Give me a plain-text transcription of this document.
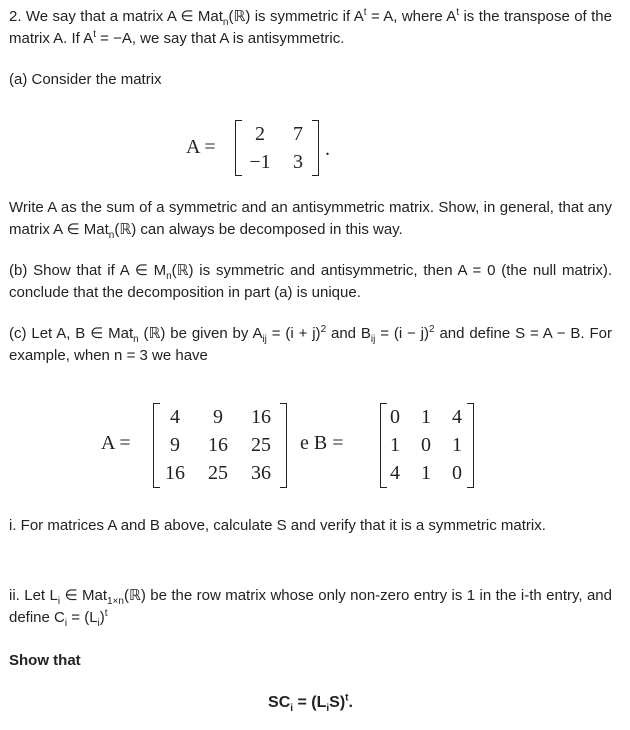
2. We say that a matrix A ∈ Mat$_n$(ℝ) is symmetric if $A^t = A$, where $A^t$ is the transpose of the matrix A. If $A^t = -A$, we say that A is antisymmetric.

(a) Consider the matrix

A =
2	7
−1	3
.

Write A as the sum of a symmetric and an antisymmetric matrix. Show, in general, that any matrix A ∈ Mat$_n$(ℝ) can always be decomposed in this way.

(b) Show that if A ∈ $M_n(ℝ)$ is symmetric and antisymmetric, then A = 0 (the null matrix). conclude that the decomposition in part (a) is unique.

(c) Let A, B ∈ Mat$_n$ (ℝ) be given by $A_{ij} = (i + j)^2$ and $B_{ij} = (i - j)^2$ and define S = A − B. For example, when n = 3 we have

A =
4	9	16
9	16	25
16	25	36
e B =
0	1	4
1	0	1
4	1	0

i. For matrices A and B above, calculate S and verify that it is a symmetric matrix.

ii. Let $L_i$ ∈ Mat$_{1\times n}$(ℝ) be the row matrix whose only non-zero entry is 1 in the i-th entry, and define $C_i = (L_i)^t$

Show that

$SC_i = (L_iS)^t$.
